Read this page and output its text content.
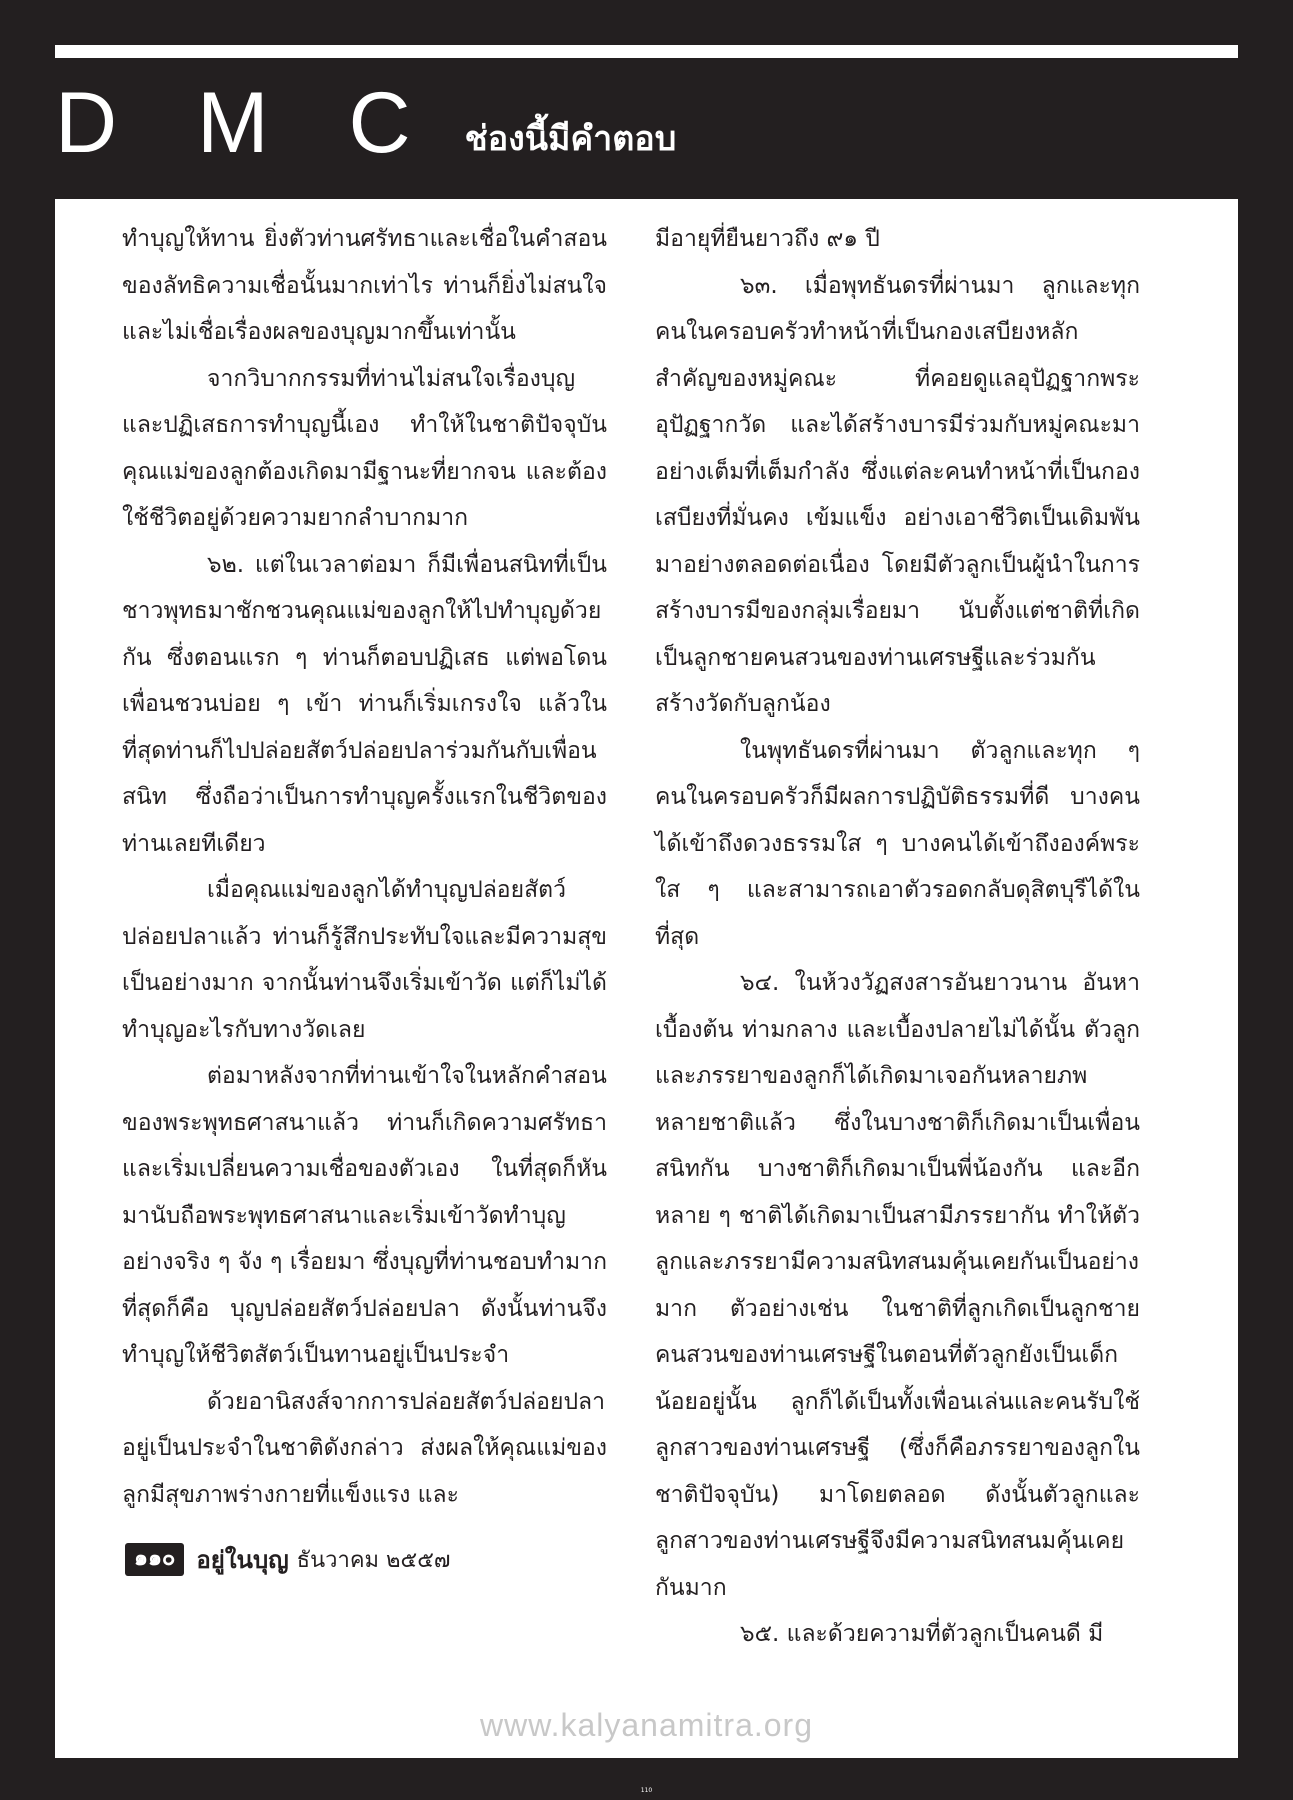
D M C ช่องนี้มีคำตอบ

ทำบุญให้ทาน ยิ่งตัวท่านศรัทธาและเชื่อในคำสอนของลัทธิความเชื่อนั้นมากเท่าไร ท่านก็ยิ่งไม่สนใจและไม่เชื่อเรื่องผลของบุญมากขึ้นเท่านั้น

จากวิบากกรรมที่ท่านไม่สนใจเรื่องบุญและปฏิเสธการทำบุญนี้เอง ทำให้ในชาติปัจจุบันคุณแม่ของลูกต้องเกิดมามีฐานะที่ยากจน และต้องใช้ชีวิตอยู่ด้วยความยากลำบากมาก

๖๒. แต่ในเวลาต่อมา ก็มีเพื่อนสนิทที่เป็นชาวพุทธมาชักชวนคุณแม่ของลูกให้ไปทำบุญด้วยกัน ซึ่งตอนแรก ๆ ท่านก็ตอบปฏิเสธ แต่พอโดนเพื่อนชวนบ่อย ๆ เข้า ท่านก็เริ่มเกรงใจ แล้วในที่สุดท่านก็ไปปล่อยสัตว์ปล่อยปลาร่วมกันกับเพื่อนสนิท ซึ่งถือว่าเป็นการทำบุญครั้งแรกในชีวิตของท่านเลยทีเดียว

เมื่อคุณแม่ของลูกได้ทำบุญปล่อยสัตว์ปล่อยปลาแล้ว ท่านก็รู้สึกประทับใจและมีความสุขเป็นอย่างมาก จากนั้นท่านจึงเริ่มเข้าวัด แต่ก็ไม่ได้ทำบุญอะไรกับทางวัดเลย

ต่อมาหลังจากที่ท่านเข้าใจในหลักคำสอนของพระพุทธศาสนาแล้ว ท่านก็เกิดความศรัทธาและเริ่มเปลี่ยนความเชื่อของตัวเอง ในที่สุดก็หันมานับถือพระพุทธศาสนาและเริ่มเข้าวัดทำบุญอย่างจริง ๆ จัง ๆ เรื่อยมา ซึ่งบุญที่ท่านชอบทำมากที่สุดก็คือ บุญปล่อยสัตว์ปล่อยปลา ดังนั้นท่านจึงทำบุญให้ชีวิตสัตว์เป็นทานอยู่เป็นประจำ

ด้วยอานิสงส์จากการปล่อยสัตว์ปล่อยปลาอยู่เป็นประจำในชาติดังกล่าว ส่งผลให้คุณแม่ของลูกมีสุขภาพร่างกายที่แข็งแรง และ

มีอายุที่ยืนยาวถึง ๙๑ ปี

๖๓. เมื่อพุทธันดรที่ผ่านมา ลูกและทุกคนในครอบครัวทำหน้าที่เป็นกองเสบียงหลักสำคัญของหมู่คณะ ที่คอยดูแลอุปัฏฐากพระอุปัฏฐากวัด และได้สร้างบารมีร่วมกับหมู่คณะมาอย่างเต็มที่เต็มกำลัง ซึ่งแต่ละคนทำหน้าที่เป็นกองเสบียงที่มั่นคง เข้มแข็ง อย่างเอาชีวิตเป็นเดิมพันมาอย่างตลอดต่อเนื่อง โดยมีตัวลูกเป็นผู้นำในการสร้างบารมีของกลุ่มเรื่อยมา นับตั้งแต่ชาติที่เกิดเป็นลูกชายคนสวนของท่านเศรษฐีและร่วมกันสร้างวัดกับลูกน้อง

ในพุทธันดรที่ผ่านมา ตัวลูกและทุก ๆ คนในครอบครัวก็มีผลการปฏิบัติธรรมที่ดี บางคนได้เข้าถึงดวงธรรมใส ๆ บางคนได้เข้าถึงองค์พระใส ๆ และสามารถเอาตัวรอดกลับดุสิตบุรีได้ในที่สุด

๖๔. ในห้วงวัฏสงสารอันยาวนาน อันหาเบื้องต้น ท่ามกลาง และเบื้องปลายไม่ได้นั้น ตัวลูกและภรรยาของลูกก็ได้เกิดมาเจอกันหลายภพหลายชาติแล้ว ซึ่งในบางชาติก็เกิดมาเป็นเพื่อนสนิทกัน บางชาติก็เกิดมาเป็นพี่น้องกัน และอีกหลาย ๆ ชาติได้เกิดมาเป็นสามีภรรยากัน ทำให้ตัวลูกและภรรยามีความสนิทสนมคุ้นเคยกันเป็นอย่างมาก ตัวอย่างเช่น ในชาติที่ลูกเกิดเป็นลูกชายคนสวนของท่านเศรษฐีในตอนที่ตัวลูกยังเป็นเด็กน้อยอยู่นั้น ลูกก็ได้เป็นทั้งเพื่อนเล่นและคนรับใช้ลูกสาวของท่านเศรษฐี (ซึ่งก็คือภรรยาของลูกในชาติปัจจุบัน) มาโดยตลอด ดังนั้นตัวลูกและลูกสาวของท่านเศรษฐีจึงมีความสนิทสนมคุ้นเคยกันมาก

๖๕. และด้วยความที่ตัวลูกเป็นคนดี มี

๑๑๐ อยู่ในบุญ ธันวาคม ๒๕๕๗
www.kalyanamitra.org
110
